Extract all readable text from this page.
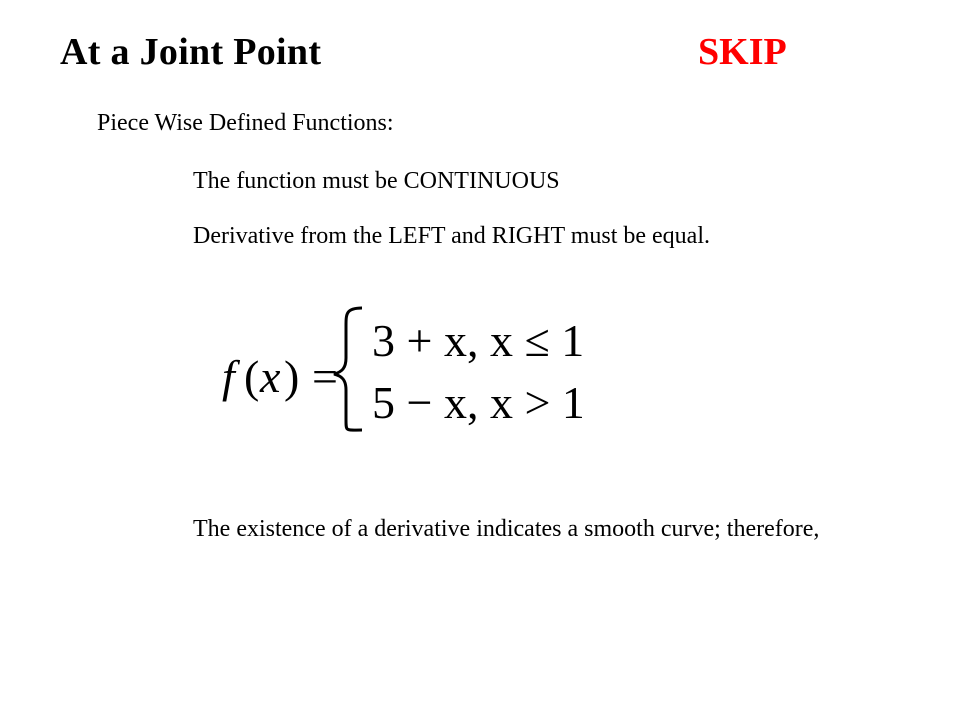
At a Joint Point	SKIP
Piece Wise Defined Functions:
The function must be CONTINUOUS
Derivative from the LEFT and RIGHT must be equal.
f ( x ) =
3 + x, x ≤ 1
5 − x, x > 1
The existence of a derivative indicates a smooth curve; therefore,
